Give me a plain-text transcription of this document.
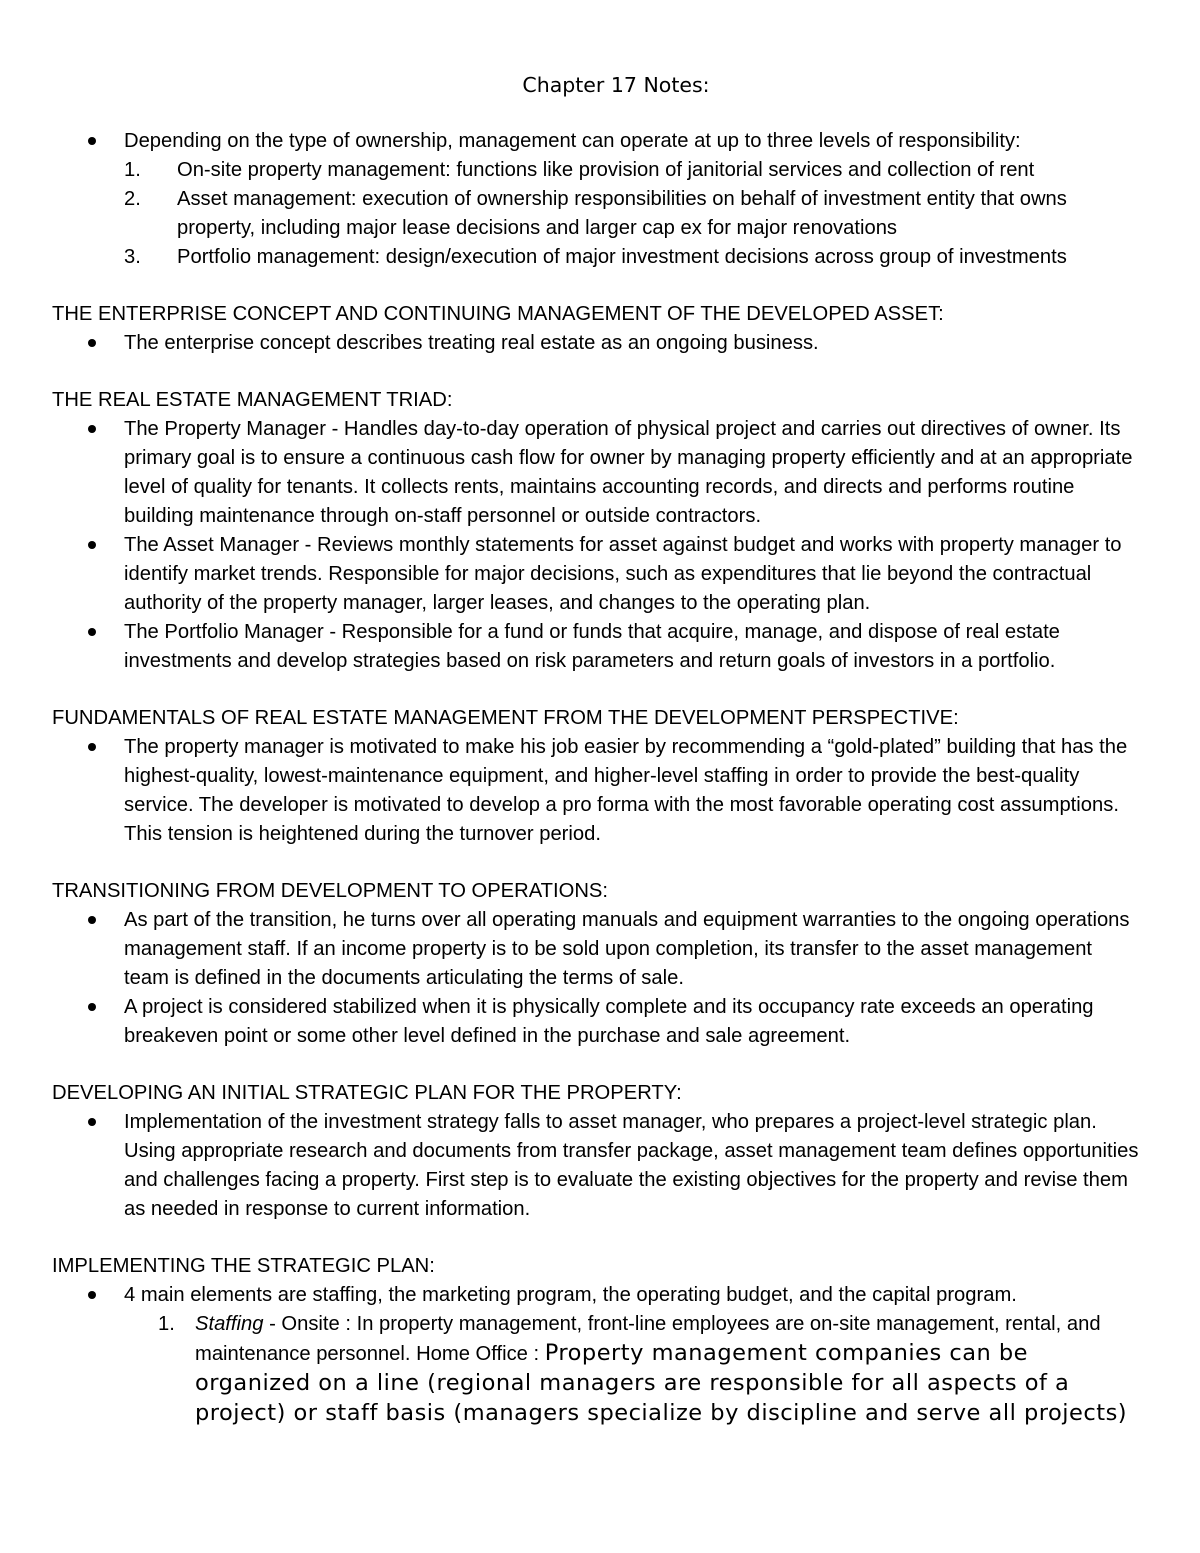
Chapter 17 Notes:
Depending on the type of ownership, management can operate at up to three levels of responsibility:
1. On-site property management: functions like provision of janitorial services and collection of rent
2. Asset management: execution of ownership responsibilities on behalf of investment entity that owns property, including major lease decisions and larger cap ex for major renovations
3. Portfolio management: design/execution of major investment decisions across group of investments

THE ENTERPRISE CONCEPT AND CONTINUING MANAGEMENT OF THE DEVELOPED ASSET:

The enterprise concept describes treating real estate as an ongoing business.

THE REAL ESTATE MANAGEMENT TRIAD:

The Property Manager - Handles day-to-day operation of physical project and carries out directives of owner. Its primary goal is to ensure a continuous cash flow for owner by managing property efficiently and at an appropriate level of quality for tenants. It collects rents, maintains accounting records, and directs and performs routine building maintenance through on-staff personnel or outside contractors.
The Asset Manager - Reviews monthly statements for asset against budget and works with property manager to identify market trends. Responsible for major decisions, such as expenditures that lie beyond the contractual authority of the property manager, larger leases, and changes to the operating plan.
The Portfolio Manager - Responsible for a fund or funds that acquire, manage, and dispose of real estate investments and develop strategies based on risk parameters and return goals of investors in a portfolio.

FUNDAMENTALS OF REAL ESTATE MANAGEMENT FROM THE DEVELOPMENT PERSPECTIVE:

The property manager is motivated to make his job easier by recommending a “gold-plated” building that has the highest-quality, lowest-maintenance equipment, and higher-level staffing in order to provide the best-quality service. The developer is motivated to develop a pro forma with the most favorable operating cost assumptions. This tension is heightened during the turnover period.

TRANSITIONING FROM DEVELOPMENT TO OPERATIONS:

As part of the transition, he turns over all operating manuals and equipment warranties to the ongoing operations management staff. If an income property is to be sold upon completion, its transfer to the asset management team is defined in the documents articulating the terms of sale.
A project is considered stabilized when it is physically complete and its occupancy rate exceeds an operating breakeven point or some other level defined in the purchase and sale agreement.

DEVELOPING AN INITIAL STRATEGIC PLAN FOR THE PROPERTY:

Implementation of the investment strategy falls to asset manager, who prepares a project-level strategic plan. Using appropriate research and documents from transfer package, asset management team defines opportunities and challenges facing a property. First step is to evaluate the existing objectives for the property and revise them as needed in response to current information.

IMPLEMENTING THE STRATEGIC PLAN:

4 main elements are staffing, the marketing program, the operating budget, and the capital program.
1. Staffing - Onsite : In property management, front-line employees are on-site management, rental, and maintenance personnel. Home Office : Property management companies can be organized on a line (regional managers are responsible for all aspects of a project) or staff basis (managers specialize by discipline and serve all projects)
